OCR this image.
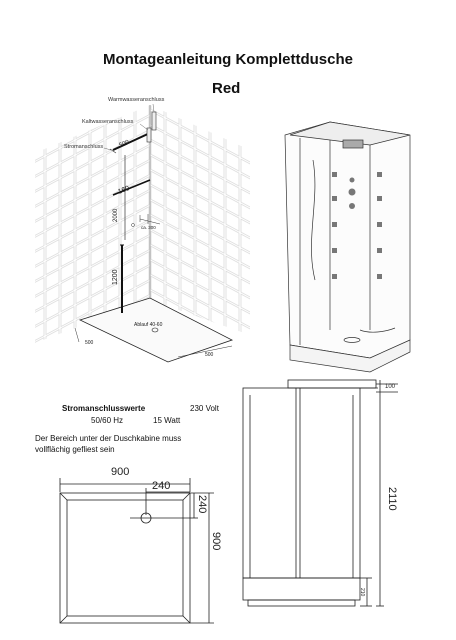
Montageanleitung Komplettdusche
Red
500
160
2000
1200
ca. 300
500
500
Ablauf 40-60
Warmwasseranschluss
Kaltwasseranschluss
Stromanschluss
Stromanschlusswerte	230 Volt
50/60 Hz	15 Watt
Der Bereich unter der Duschkabine muss
vollflächig gefliest sein
900
240
240
900
100
2110
210
